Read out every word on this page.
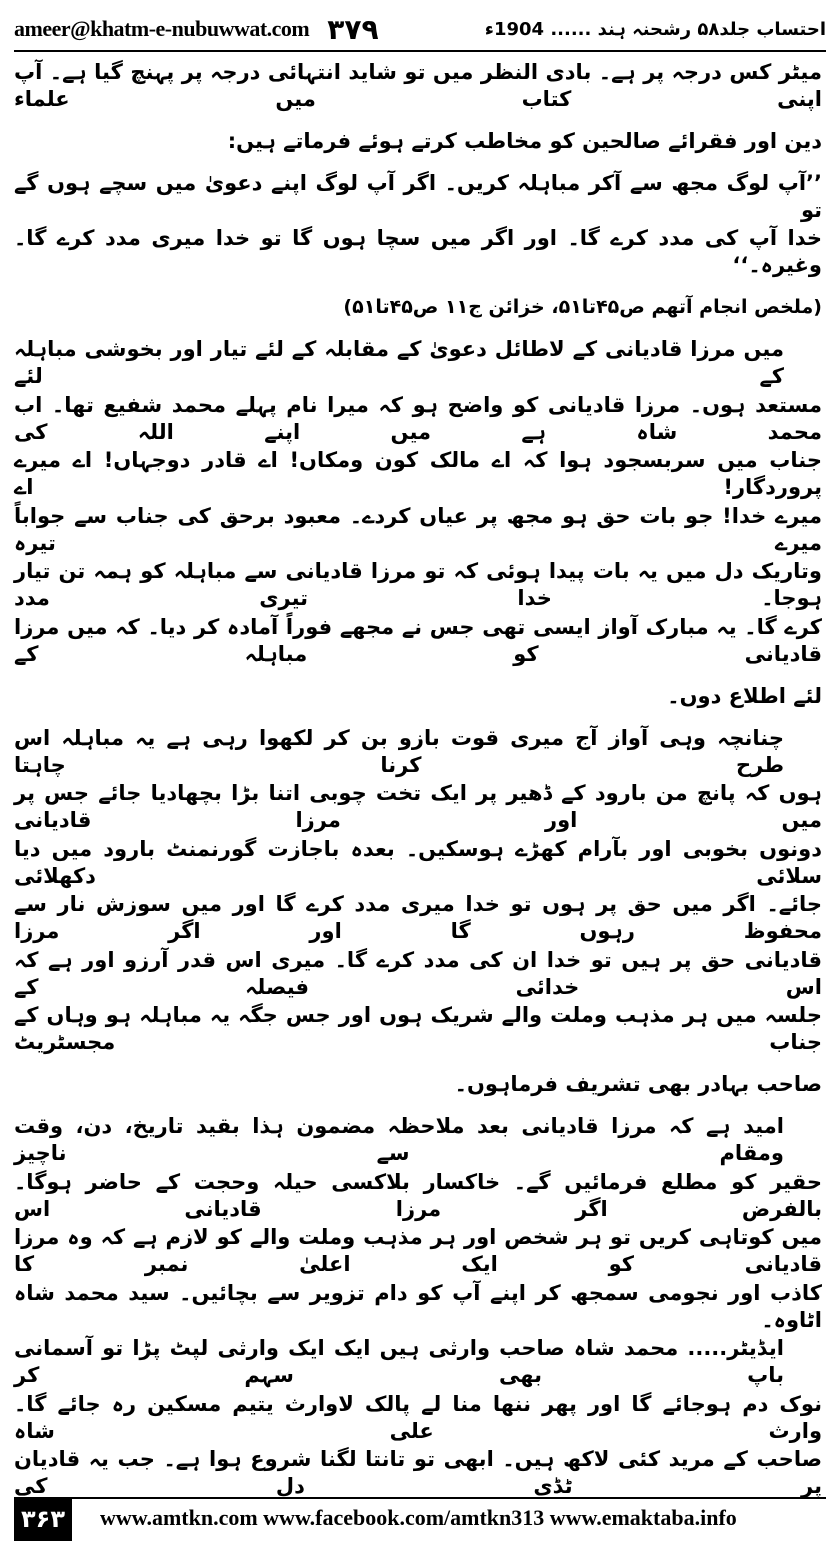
ameer@khatm-e-nubuwwat.com ۳۷۹	احتساب جلد۵۸ رشحنہ ہند ...... 1904ء
میٹر کس درجہ پر ہے۔ بادی النظر میں تو شاید انتہائی درجہ پر پہنچ گیا ہے۔ آپ اپنی کتاب میں علماء
دین اور فقرائے صالحین کو مخاطب کرتے ہوئے فرماتے ہیں:
’’آپ لوگ مجھ سے آکر مباہلہ کریں۔ اگر آپ لوگ اپنے دعویٰ میں سچے ہوں گے تو
خدا آپ کی مدد کرے گا۔ اور اگر میں سچا ہوں گا تو خدا میری مدد کرے گا۔ وغیرہ۔‘‘
(ملخص انجام آتھم ص۴۵تا۵۱، خزائن ج۱۱ ص۴۵تا۵۱)
میں مرزا قادیانی کے لاطائل دعویٰ کے مقابلہ کے لئے تیار اور بخوشی مباہلہ کے لئے
مستعد ہوں۔ مرزا قادیانی کو واضح ہو کہ میرا نام پہلے محمد شفیع تھا۔ اب محمد شاہ ہے میں اپنے اللہ کی
جناب میں سربسجود ہوا کہ اے مالک کون ومکاں! اے قادر دوجہاں! اے میرے پروردگار! اے
میرے خدا! جو بات حق ہو مجھ پر عیاں کردے۔ معبود برحق کی جناب سے جواباً میرے تیرہ
وتاریک دل میں یہ بات پیدا ہوئی کہ تو مرزا قادیانی سے مباہلہ کو ہمہ تن تیار ہوجا۔ خدا تیری مدد
کرے گا۔ یہ مبارک آواز ایسی تھی جس نے مجھے فوراً آمادہ کر دیا۔ کہ میں مرزا قادیانی کو مباہلہ کے
لئے اطلاع دوں۔
چنانچہ وہی آواز آج میری قوت بازو بن کر لکھوا رہی ہے یہ مباہلہ اس طرح کرنا چاہتا
ہوں کہ پانچ من بارود کے ڈھیر پر ایک تخت چوبی اتنا بڑا بچھادیا جائے جس پر میں اور مرزا قادیانی
دونوں بخوبی اور بآرام کھڑے ہوسکیں۔ بعدہ باجازت گورنمنٹ بارود میں دیا سلائی دکھلائی
جائے۔ اگر میں حق پر ہوں تو خدا میری مدد کرے گا اور میں سوزش نار سے محفوظ رہوں گا اور اگر مرزا
قادیانی حق پر ہیں تو خدا ان کی مدد کرے گا۔ میری اس قدر آرزو اور ہے کہ اس خدائی فیصلہ کے
جلسہ میں ہر مذہب وملت والے شریک ہوں اور جس جگہ یہ مباہلہ ہو وہاں کے جناب مجسٹریٹ
صاحب بہادر بھی تشریف فرماہوں۔
امید ہے کہ مرزا قادیانی بعد ملاحظہ مضمون ہذا بقید تاریخ، دن، وقت ومقام سے ناچیز
حقیر کو مطلع فرمائیں گے۔ خاکسار بلاکسی حیلہ وحجت کے حاضر ہوگا۔ بالفرض اگر مرزا قادیانی اس
میں کوتاہی کریں تو ہر شخص اور ہر مذہب وملت والے کو لازم ہے کہ وہ مرزا قادیانی کو ایک اعلیٰ نمبر کا
کاذب اور نجومی سمجھ کر اپنے آپ کو دام تزویر سے بچائیں۔ سید محمد شاہ اٹاوہ۔
ایڈیٹر..... محمد شاہ صاحب وارثی ہیں ایک ایک وارثی لپٹ پڑا تو آسمانی باپ بھی سہم کر
نوک دم ہوجائے گا اور پھر ننھا منا لے پالک لاوارث یتیم مسکین رہ جائے گا۔ وارث علی شاہ
صاحب کے مرید کئی لاکھ ہیں۔ ابھی تو تانتا لگنا شروع ہوا ہے۔ جب یہ قادیان پر ٹڈی دل کی
۳۶۳	www.amtkn.com www.facebook.com/amtkn313 www.emaktaba.info
